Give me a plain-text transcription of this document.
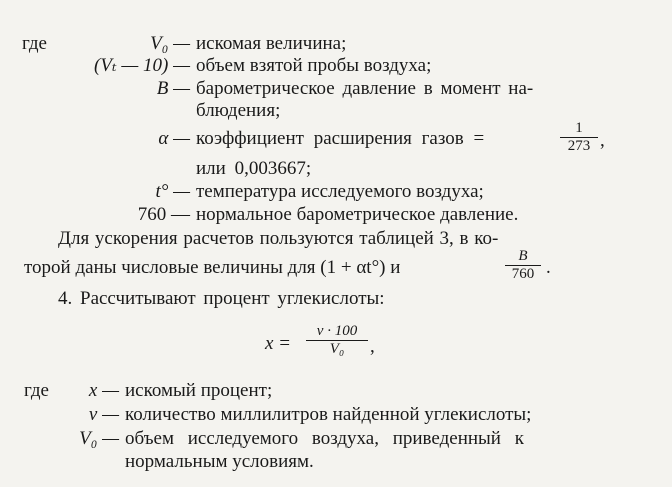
где	V₀ — искомая величина;
(Vₜ — 10) — объем взятой пробы воздуха;
B — барометрическое давление в момент на-
блюдения;
α — коэффициент расширения газов =	1
273 ,
или 0,003667;
t° — температура исследуемого воздуха;
760 — нормальное барометрическое давление.
Для ускорения расчетов пользуются таблицей 3, в ко-
торой даны числовые величины для (1 + αt°) и
B
760 .
4. Рассчитывают процент углекислоты:
x =
v · 100
V₀	,
где	x — искомый процент;
v — количество миллилитров найденной углекислоты;
V₀ — объем исследуемого воздуха, приведенный к
нормальным условиям.
